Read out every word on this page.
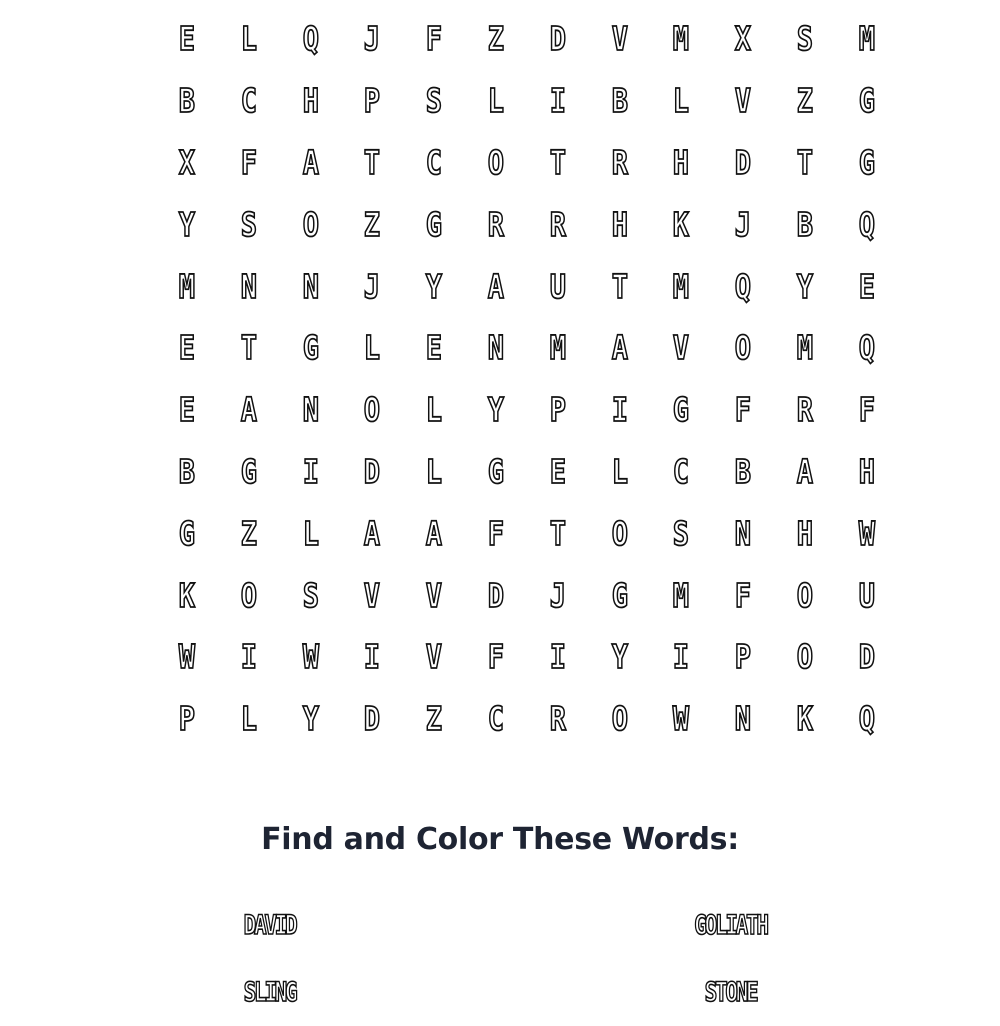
E	L	Q	J	F	Z	D	V	M	X	S	M
B	C	H	P	S	L	I	B	L	V	Z	G
X	F	A	T	C	O	T	R	H	D	T	G
Y	S	O	Z	G	R	R	H	K	J	B	Q
M	N	N	J	Y	A	U	T	M	Q	Y	E
E	T	G	L	E	N	M	A	V	O	M	Q
E	A	N	O	L	Y	P	I	G	F	R	F
B	G	I	D	L	G	E	L	C	B	A	H
G	Z	L	A	A	F	T	O	S	N	H	W
K	O	S	V	V	D	J	G	M	F	O	U
W	I	W	I	V	F	I	Y	I	P	O	D
P	L	Y	D	Z	C	R	O	W	N	K	Q
Find and Color These Words:
DAVID	GOLIATH
SLING	STONE
